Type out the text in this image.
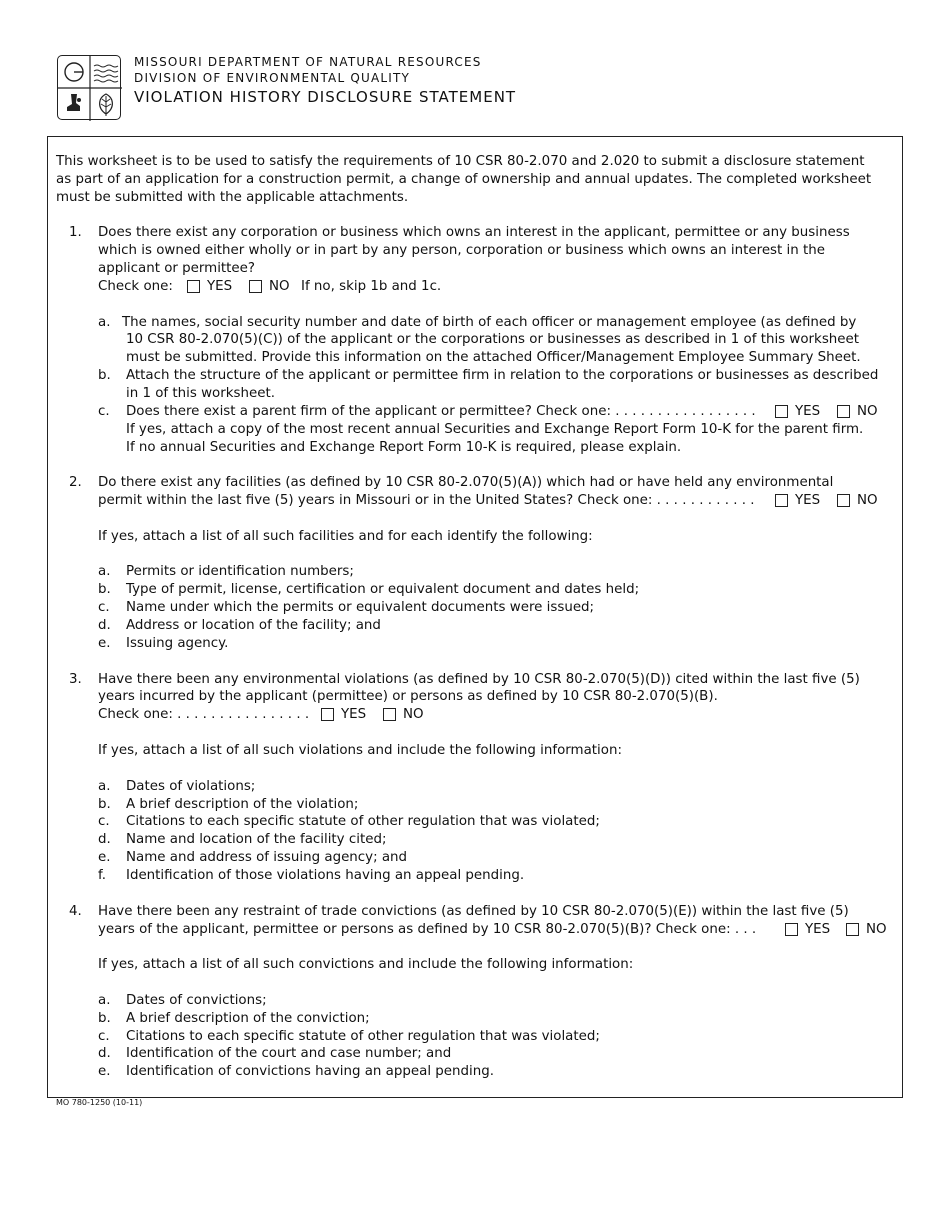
MISSOURI DEPARTMENT OF NATURAL RESOURCES
DIVISION OF ENVIRONMENTAL QUALITY
VIOLATION HISTORY DISCLOSURE STATEMENT
This worksheet is to be used to satisfy the requirements of 10 CSR 80-2.070 and 2.020 to submit a disclosure statement
as part of an application for a construction permit, a change of ownership and annual updates. The completed worksheet
must be submitted with the applicable attachments.
1. Does there exist any corporation or business which owns an interest in the applicant, permittee or any business
which is owned either wholly or in part by any person, corporation or business which owns an interest in the
applicant or permittee?
Check one:	YES	NO If no, skip 1b and 1c.
a. The names, social security number and date of birth of each officer or management employee (as defined by
10 CSR 80-2.070(5)(C)) of the applicant or the corporations or businesses as described in 1 of this worksheet
must be submitted. Provide this information on the attached Officer/Management Employee Summary Sheet.
b. Attach the structure of the applicant or permittee firm in relation to the corporations or businesses as described
in 1 of this worksheet.
c. Does there exist a parent firm of the applicant or permittee? Check one: . . . . . . . . . . . . . . . . .	YES	NO
If yes, attach a copy of the most recent annual Securities and Exchange Report Form 10-K for the parent firm.
If no annual Securities and Exchange Report Form 10-K is required, please explain.
2. Do there exist any facilities (as defined by 10 CSR 80-2.070(5)(A)) which had or have held any environmental
permit within the last five (5) years in Missouri or in the United States? Check one: . . . . . . . . . . . .	YES	NO
If yes, attach a list of all such facilities and for each identify the following:
a. Permits or identification numbers;
b. Type of permit, license, certification or equivalent document and dates held;
c. Name under which the permits or equivalent documents were issued;
d. Address or location of the facility; and
e. Issuing agency.
3. Have there been any environmental violations (as defined by 10 CSR 80-2.070(5)(D)) cited within the last five (5)
years incurred by the applicant (permittee) or persons as defined by 10 CSR 80-2.070(5)(B).
Check one: . . . . . . . . . . . . . . . . YES	NO
If yes, attach a list of all such violations and include the following information:
a. Dates of violations;
b. A brief description of the violation;
c. Citations to each specific statute of other regulation that was violated;
d. Name and location of the facility cited;
e. Name and address of issuing agency; and
f. Identification of those violations having an appeal pending.
4. Have there been any restraint of trade convictions (as defined by 10 CSR 80-2.070(5)(E)) within the last five (5)
years of the applicant, permittee or persons as defined by 10 CSR 80-2.070(5)(B)? Check one: . . .	YES	NO
If yes, attach a list of all such convictions and include the following information:
a. Dates of convictions;
b. A brief description of the conviction;
c. Citations to each specific statute of other regulation that was violated;
d. Identification of the court and case number; and
e. Identification of convictions having an appeal pending.
MO 780-1250 (10-11)
